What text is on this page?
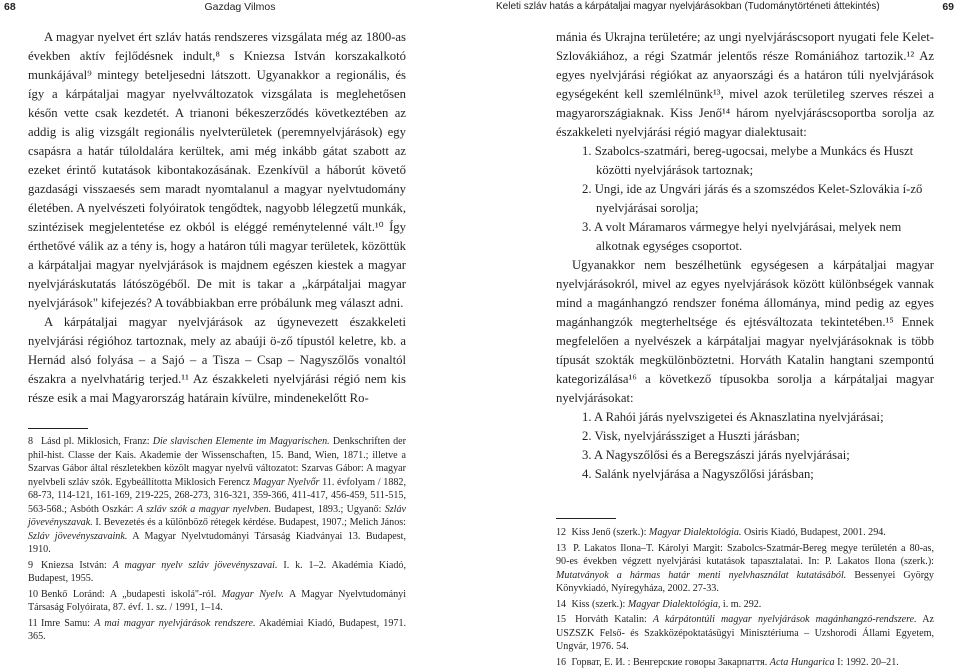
68	Gazdag Vilmos	Keleti szláv hatás a kárpátaljai magyar nyelvjárásokban (Tudománytörténeti áttekintés)	69

A magyar nyelvet ért szláv hatás rendszeres vizsgálata még az 1800-as években aktív fejlődésnek indult,⁸ s Kniezsa István korszakalkotó munkájával⁹ mintegy beteljesedni látszott. Ugyanakkor a regionális, és így a kárpátaljai magyar nyelvváltozatok vizsgálata is meglehetősen későn vette csak kezdetét. A trianoni békeszerződés következtében az addig is alig vizsgált regionális nyelvterületek (peremnyelvjárások) egy csapásra a határ túloldalára kerültek, ami még inkább gátat szabott az ezeket érintő kutatások kibontakozásának. Ezenkívül a háborút követő gazdasági visszaesés sem maradt nyomtalanul a magyar nyelvtudomány életében. A nyelvészeti folyóiratok tengődtek, nagyobb lélegzetű munkák, szintézisek megjelentetése ez okból is eléggé reménytelenné vált.¹⁰ Így érthetővé válik az a tény is, hogy a határon túli magyar területek, közöttük a kárpátaljai magyar nyelvjárások is majdnem egészen kiestek a magyar nyelvjáráskutatás látószögéből. De mit is takar a „kárpátaljai magyar nyelvjárások" kifejezés? A továbbiakban erre próbálunk meg választ adni.

A kárpátaljai magyar nyelvjárások az úgynevezett északkeleti nyelvjárási régióhoz tartoznak, mely az abaúji ö-ző típustól keletre, kb. a Hernád alsó folyása – a Sajó – a Tisza – Csap – Nagyszőlős vonaltól északra a nyelvhatárig terjed.¹¹ Az északkeleti nyelvjárási régió nem kis része esik a mai Magyarország határain kívülre, mindenekelőtt Ro-

8 Lásd pl. Miklosich, Franz: Die slavischen Elemente im Magyarischen. Denkschriften der phil-hist. Classe der Kais. Akademie der Wissenschaften, 15. Band, Wien, 1871.; illetve a Szarvas Gábor által részletekben közölt magyar nyelvű változatot: Szarvas Gábor: A magyar nyelvbeli szláv szók. Egybeállította Miklosich Ferencz Magyar Nyelvőr 11. évfolyam / 1882, 68-73, 114-121, 161-169, 219-225, 268-273, 316-321, 359-366, 411-417, 456-459, 511-515, 563-568.; Asbóth Oszkár: A szláv szók a magyar nyelvben. Budapest, 1893.; Ugyanő: Szláv jövevényszavak. I. Bevezetés és a különböző rétegek kérdése. Budapest, 1907.; Melich János: Szláv jövevényszavaink. A Magyar Nyelvtudományi Társaság Kiadványai 13. Budapest, 1910.

9 Kniezsa István: A magyar nyelv szláv jövevényszavai. I. k. 1–2. Akadémia Kiadó, Budapest, 1955.

10 Benkő Loránd: A „budapesti iskolá"-ról. Magyar Nyelv. A Magyar Nyelvtudományi Társaság Folyóirata, 87. évf. 1. sz. / 1991, 1–14.

11 Imre Samu: A mai magyar nyelvjárások rendszere. Akadémiai Kiadó, Budapest, 1971. 365.

mánia és Ukrajna területére; az ungi nyelvjáráscsoport nyugati fele Kelet-Szlovákiához, a régi Szatmár jelentős része Romániához tartozik.¹² Az egyes nyelvjárási régiókat az anyaországi és a határon túli nyelvjárások egységeként kell szemlélnünk¹³, mivel azok területileg szerves részei a magyarországiaknak. Kiss Jenő¹⁴ három nyelvjáráscsoportba sorolja az északkeleti nyelvjárási régió magyar dialektusait:

1. Szabolcs-szatmári, bereg-ugocsai, melybe a Munkács és Huszt közötti nyelvjárások tartoznak;
2. Ungi, ide az Ungvári járás és a szomszédos Kelet-Szlovákia í-ző nyelvjárásai sorolja;
3. A volt Máramaros vármegye helyi nyelvjárásai, melyek nem alkotnak egységes csoportot.

Ugyanakkor nem beszélhetünk egységesen a kárpátaljai magyar nyelvjárásokról, mivel az egyes nyelvjárások között különbségek vannak mind a magánhangzó rendszer fonéma állománya, mind pedig az egyes magánhangzók megterheltsége és ejtésváltozata tekintetében.¹⁵ Ennek megfelelően a nyelvészek a kárpátaljai magyar nyelvjárásoknak is több típusát szokták megkülönböztetni. Horváth Katalin hangtani szempontú kategorizálása¹⁶ a következő típusokba sorolja a kárpátaljai magyar nyelvjárásokat:

1. A Rahói járás nyelvszigetei és Aknaszlatina nyelvjárásai;
2. Visk, nyelvjárássziget a Huszti járásban;
3. A Nagyszőlősi és a Beregszászi járás nyelvjárásai;
4. Salánk nyelvjárása a Nagyszőlősi járásban;

12 Kiss Jenő (szerk.): Magyar Dialektológia. Osiris Kiadó, Budapest, 2001. 294.

13 P. Lakatos Ilona–T. Károlyi Margit: Szabolcs-Szatmár-Bereg megye területén a 80-as, 90-es években végzett nyelvjárási kutatások tapasztalatai. In: P. Lakatos Ilona (szerk.): Mutatványok a hármas határ menti nyelvhasználat kutatásából. Bessenyei György Könyvkiadó, Nyíregyháza, 2002. 27-33.

14 Kiss (szerk.): Magyar Dialektológia, i. m. 292.

15 Horváth Katalin: A kárpátontúli magyar nyelvjárások magánhangzó-rendszere. Az USZSZK Felső- és Szakközépoktatásügyi Minisztériuma – Uzshorodi Állami Egyetem, Ungvár, 1976. 54.

16 Горват, Е. И. : Венгерские говоры Закарпаття. Acta Hungarica I: 1992. 20–21.
